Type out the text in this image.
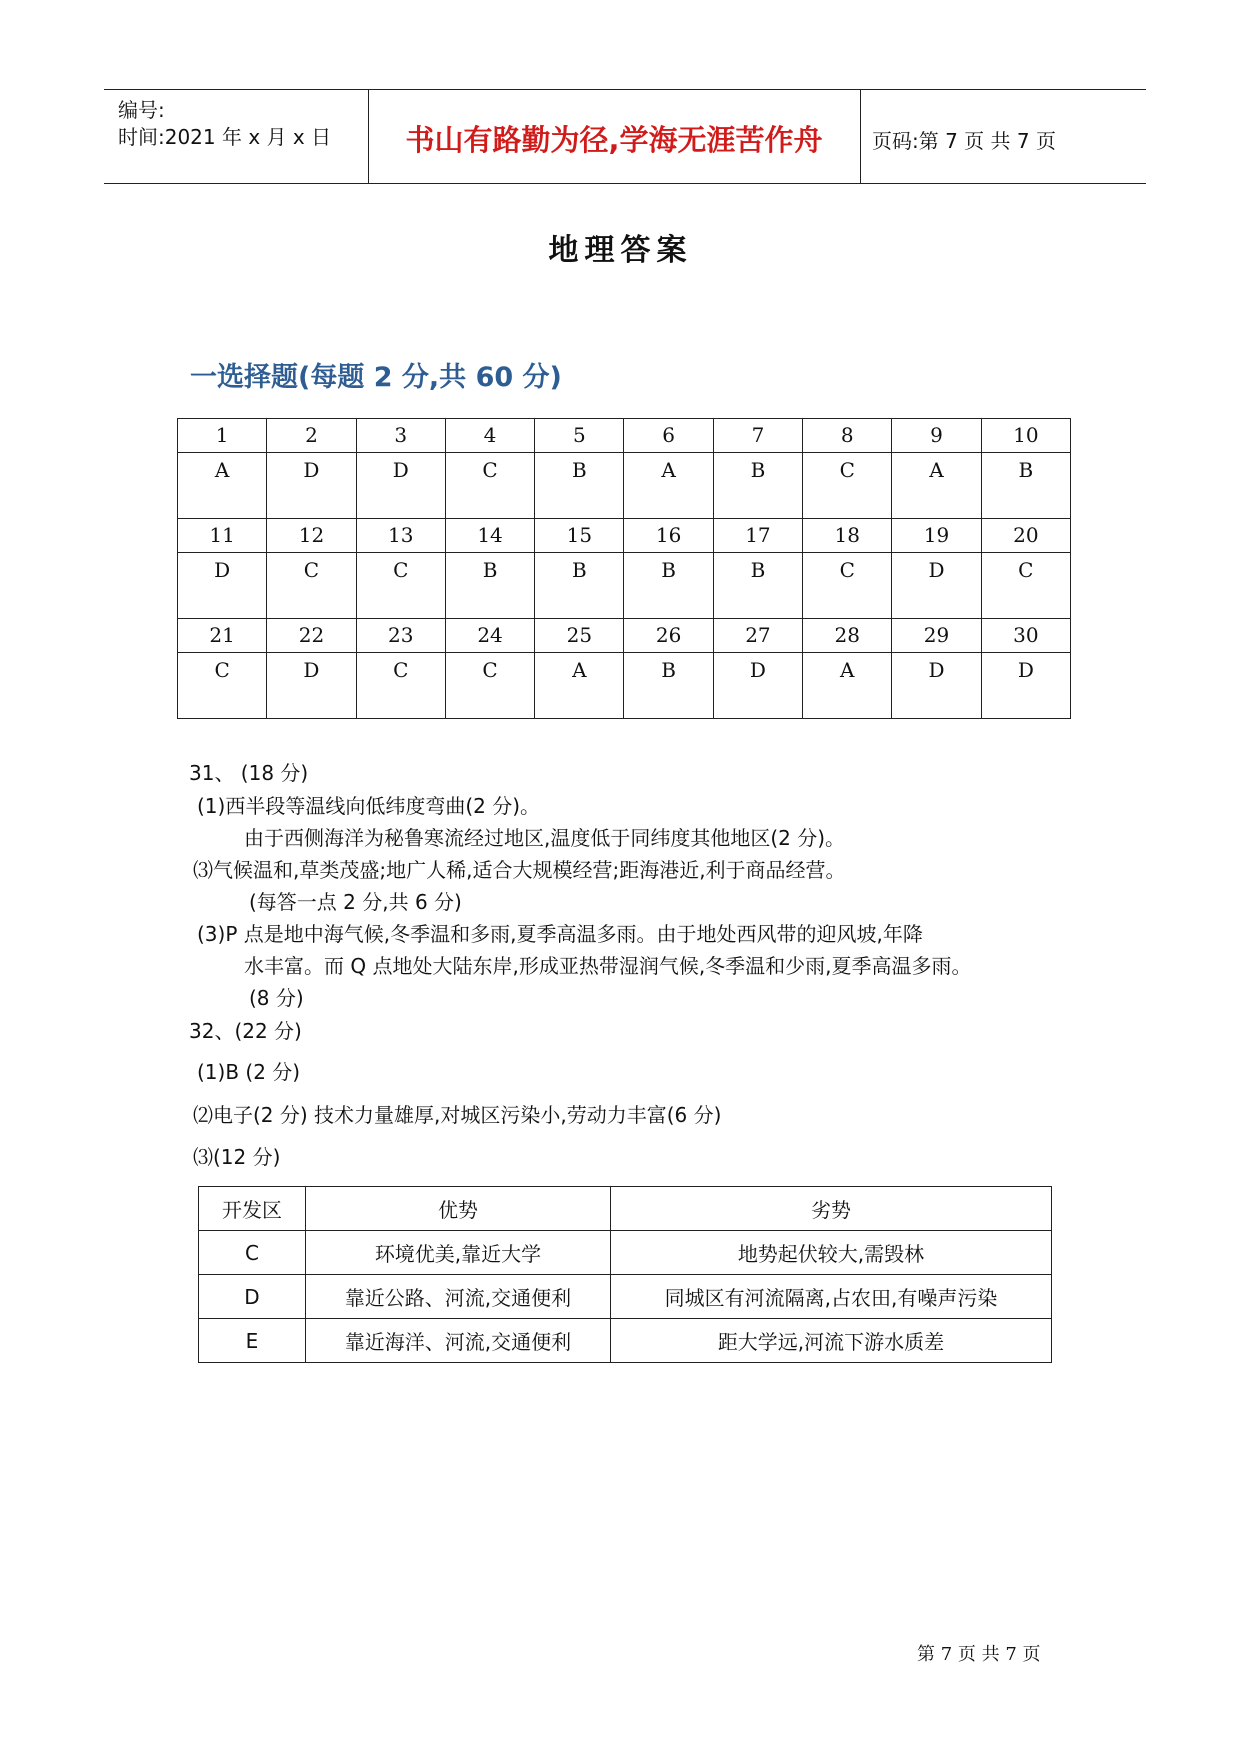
编号:
时间:2021 年 x 月 x 日	书山有路勤为径,学海无涯苦作舟	页码:第 7 页 共 7 页
地理答案
一选择题(每题 2 分,共 60 分)
1	2	3	4	5	6	7	8	9	10
A	D	D	C	B	A	B	C	A	B
11	12	13	14	15	16	17	18	19	20
D	C	C	B	B	B	B	C	D	C
21	22	23	24	25	26	27	28	29	30
C	D	C	C	A	B	D	A	D	D
31、 (18 分)
(1)西半段等温线向低纬度弯曲(2 分)。
由于西侧海洋为秘鲁寒流经过地区,温度低于同纬度其他地区(2 分)。
⑶气候温和,草类茂盛;地广人稀,适合大规模经营;距海港近,利于商品经营。
(每答一点 2 分,共 6 分)
(3)P 点是地中海气候,冬季温和多雨,夏季高温多雨。由于地处西风带的迎风坡,年降
水丰富。而 Q 点地处大陆东岸,形成亚热带湿润气候,冬季温和少雨,夏季高温多雨。
(8 分)
32、(22 分)
(1)B (2 分)
⑵电子(2 分) 技术力量雄厚,对城区污染小,劳动力丰富(6 分)
⑶(12 分)
开发区	优势	劣势
C	环境优美,靠近大学	地势起伏较大,需毁林
D	靠近公路、河流,交通便利	同城区有河流隔离,占农田,有噪声污染
E	靠近海洋、河流,交通便利	距大学远,河流下游水质差
第 7 页 共 7 页
